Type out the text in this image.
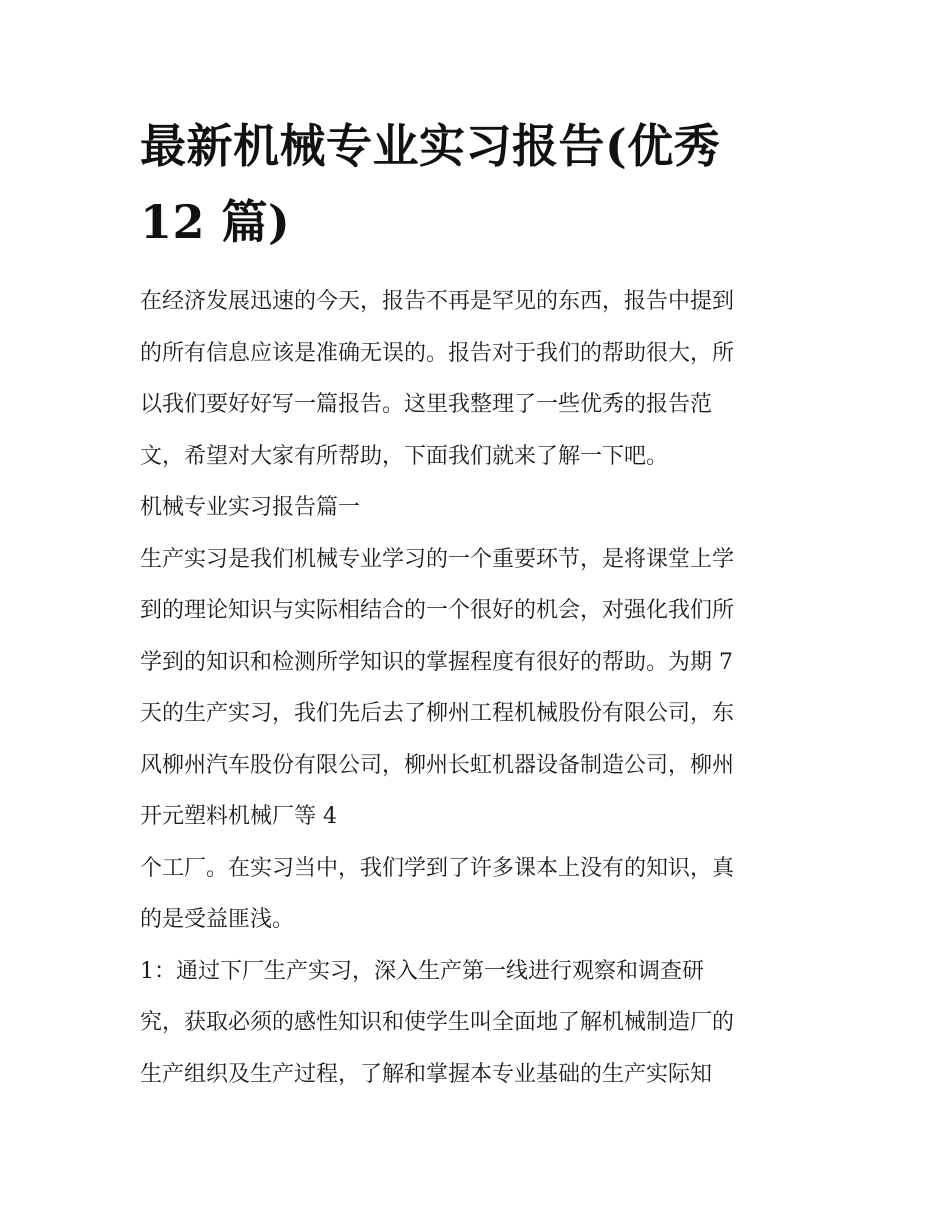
最新机械专业实习报告(优秀
12 篇)
在经济发展迅速的今天，报告不再是罕见的东西，报告中提到
的所有信息应该是准确无误的。报告对于我们的帮助很大，所
以我们要好好写一篇报告。这里我整理了一些优秀的报告范
文，希望对大家有所帮助，下面我们就来了解一下吧。
机械专业实习报告篇一
生产实习是我们机械专业学习的一个重要环节，是将课堂上学
到的理论知识与实际相结合的一个很好的机会，对强化我们所
学到的知识和检测所学知识的掌握程度有很好的帮助。为期 7
天的生产实习，我们先后去了柳州工程机械股份有限公司，东
风柳州汽车股份有限公司，柳州长虹机器设备制造公司，柳州
开元塑料机械厂等 4
个工厂。在实习当中，我们学到了许多课本上没有的知识，真
的是受益匪浅。
1：通过下厂生产实习，深入生产第一线进行观察和调查研
究，获取必须的感性知识和使学生叫全面地了解机械制造厂的
生产组织及生产过程，了解和掌握本专业基础的生产实际知
